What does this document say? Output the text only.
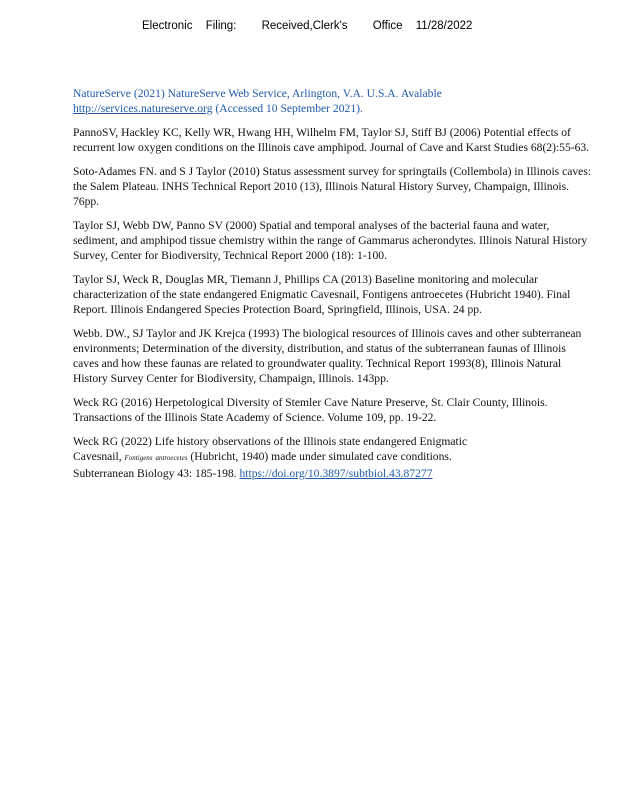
Electronic Filing: Received,Clerk's Office 11/28/2022

NatureServe (2021) NatureServe Web Service, Arlington, V.A. U.S.A. Avalable
http://services.natureserve.org (Accessed 10 September 2021).

PannoSV, Hackley KC, Kelly WR, Hwang HH, Wilhelm FM, Taylor SJ, Stiff BJ (2006) Potential effects of recurrent low oxygen conditions on the Illinois cave amphipod. Journal of Cave and Karst Studies 68(2):55-63.

Soto-Adames FN. and S J Taylor (2010) Status assessment survey for springtails (Collembola) in Illinois caves: the Salem Plateau. INHS Technical Report 2010 (13), Illinois Natural History Survey, Champaign, Illinois. 76pp.

Taylor SJ, Webb DW, Panno SV (2000) Spatial and temporal analyses of the bacterial fauna and water, sediment, and amphipod tissue chemistry within the range of Gammarus acherondytes. Illinois Natural History Survey, Center for Biodiversity, Technical Report 2000 (18): 1-100.

Taylor SJ, Weck R, Douglas MR, Tiemann J, Phillips CA (2013) Baseline monitoring and molecular characterization of the state endangered Enigmatic Cavesnail, Fontigens antroecetes (Hubricht 1940). Final Report. Illinois Endangered Species Protection Board, Springfield, Illinois, USA. 24 pp.

Webb. DW., SJ Taylor and JK Krejca (1993) The biological resources of Illinois caves and other subterranean environments; Determination of the diversity, distribution, and status of the subterranean faunas of Illinois caves and how these faunas are related to groundwater quality. Technical Report 1993(8), Illinois Natural History Survey Center for Biodiversity, Champaign, Illinois. 143pp.

Weck RG (2016) Herpetological Diversity of Stemler Cave Nature Preserve, St. Clair County, Illinois. Transactions of the Illinois State Academy of Science. Volume 109, pp. 19-22.

Weck RG (2022) Life history observations of the Illinois state endangered Enigmatic
Cavesnail, Fontigens antroecetes (Hubricht, 1940) made under simulated cave conditions.
Subterranean Biology 43: 185-198. https://doi.org/10.3897/subtbiol.43.87277
